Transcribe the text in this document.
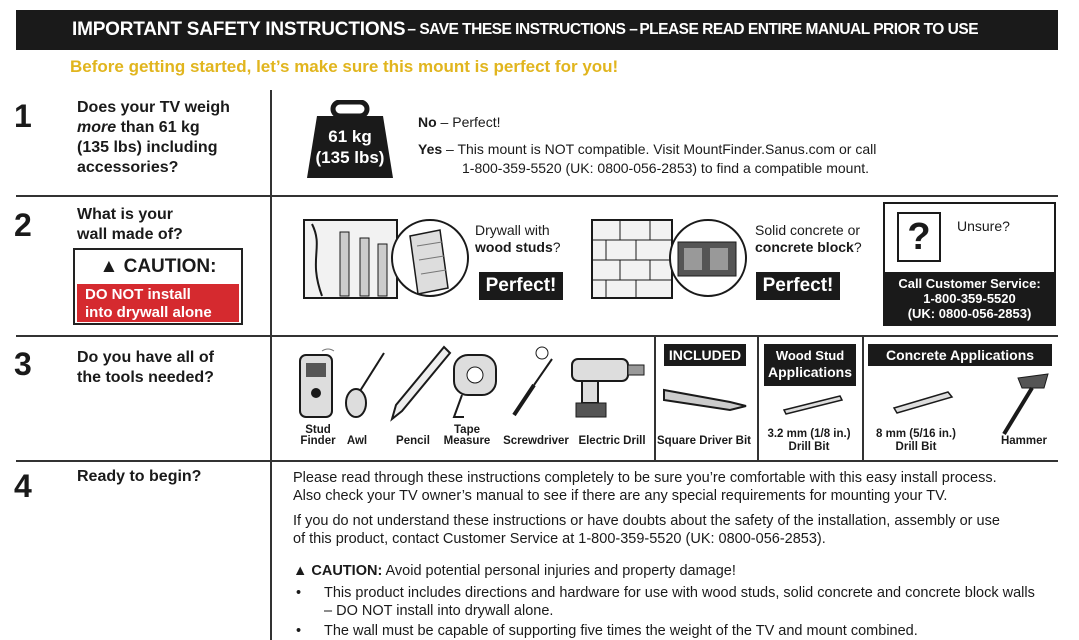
IMPORTANT SAFETY INSTRUCTIONS – SAVE THESE INSTRUCTIONS – PLEASE READ ENTIRE MANUAL PRIOR TO USE
Before getting started, let’s make sure this mount is perfect for you!
1	Does your TV weigh
more than 61 kg
(135 lbs) including
accessories?
61 kg
(135 lbs)
No – Perfect!
Yes – This mount is NOT compatible. Visit MountFinder.Sanus.com or call
1-800-359-5520 (UK: 0800-056-2853) to find a compatible mount.
2	What is your
wall made of?
▲ CAUTION:
DO NOT install
into drywall alone
Drywall with
wood studs?
Perfect!
Solid concrete or
concrete block?
Perfect!
?	Unsure?
Call Customer Service:
1-800-359-5520
(UK: 0800-056-2853)
3	Do you have all of
the tools needed?
INCLUDED	Wood Stud
Applications
Concrete Applications
Stud
Finder Awl	Pencil
Tape
Measure	Screwdriver Electric Drill Square Driver Bit
3.2 mm (1/8 in.)
Drill Bit
8 mm (5/16 in.)
Drill Bit	Hammer
4	Ready to begin?	Please read through these instructions completely to be sure you’re comfortable with this easy install process.
Also check your TV owner’s manual to see if there are any special requirements for mounting your TV.
If you do not understand these instructions or have doubts about the safety of the installation, assembly or use
of this product, contact Customer Service at 1-800-359-5520 (UK: 0800-056-2853).
▲ CAUTION: Avoid potential personal injuries and property damage!
• This product includes directions and hardware for use with wood studs, solid concrete and concrete block walls
– DO NOT install into drywall alone.
• The wall must be capable of supporting five times the weight of the TV and mount combined.
